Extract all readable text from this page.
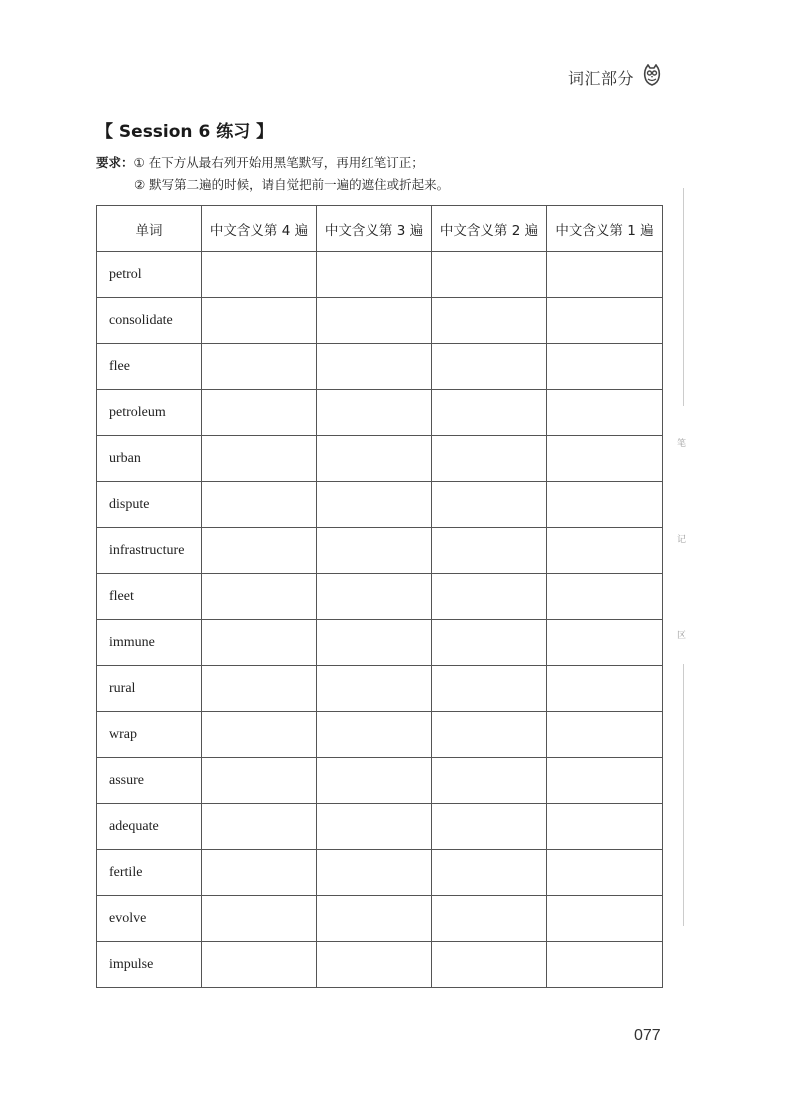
词汇部分
【 Session 6 练习 】
要求：① 在下方从最右列开始用黑笔默写，再用红笔订正；
② 默写第二遍的时候，请自觉把前一遍的遮住或折起来。
单词	中文含义第 4 遍	中文含义第 3 遍	中文含义第 2 遍	中文含义第 1 遍
petrol				
consolidate				
flee				
petroleum				
urban				
dispute				
infrastructure				
fleet				
immune				
rural				
wrap				
assure				
adequate				
fertile				
evolve				
impulse				
笔
记
区
077
